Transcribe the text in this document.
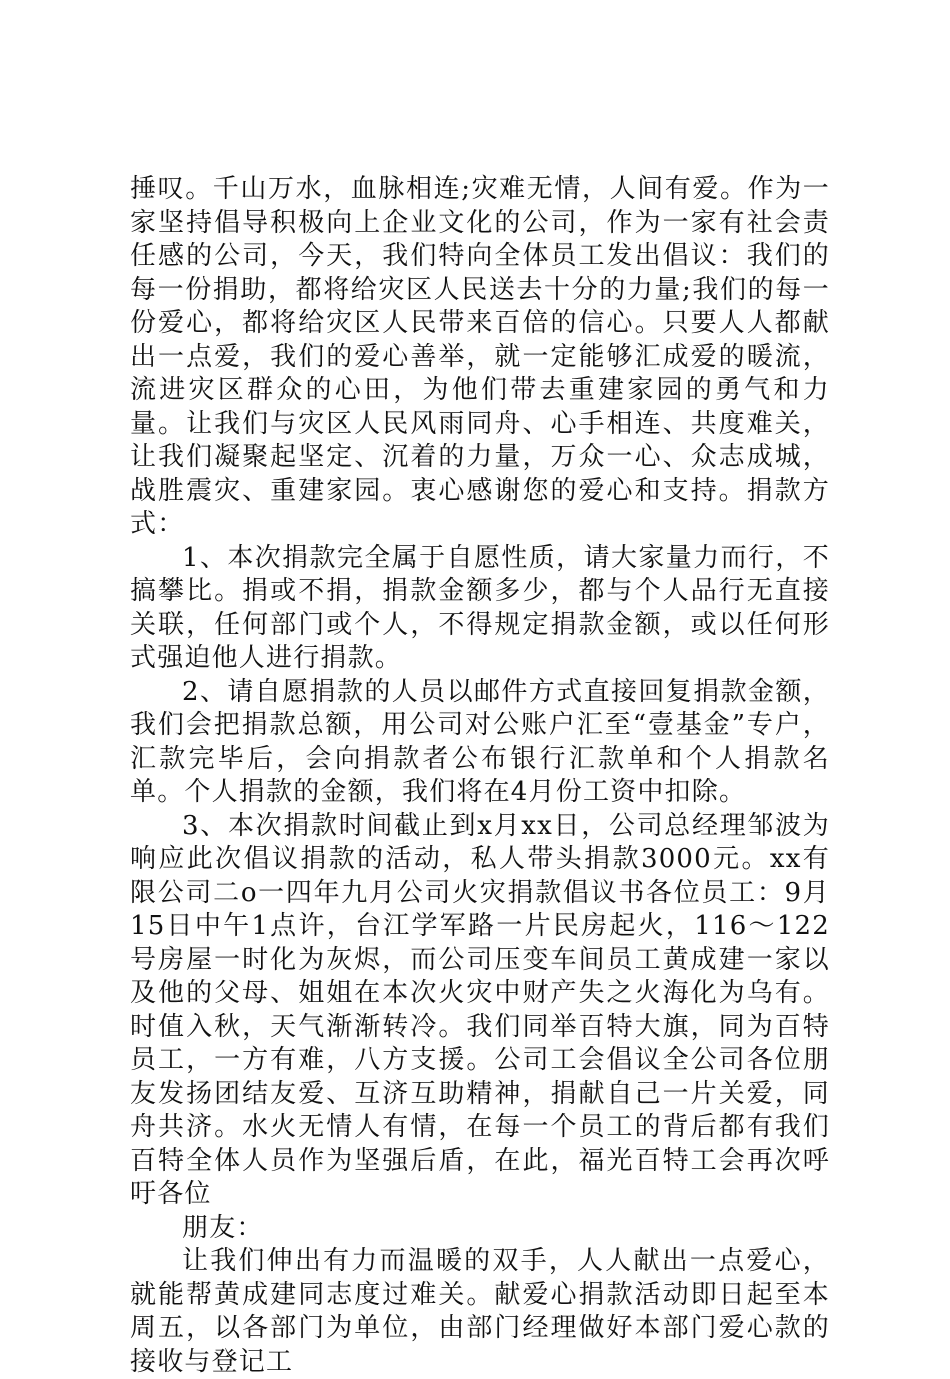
捶叹。千山万水，血脉相连;灾难无情，人间有爱。作为一家坚持倡导积极向上企业文化的公司，作为一家有社会责任感的公司，今天，我们特向全体员工发出倡议：我们的每一份捐助，都将给灾区人民送去十分的力量;我们的每一份爱心，都将给灾区人民带来百倍的信心。只要人人都献出一点爱，我们的爱心善举，就一定能够汇成爱的暖流，流进灾区群众的心田，为他们带去重建家园的勇气和力量。让我们与灾区人民风雨同舟、心手相连、共度难关，让我们凝聚起坚定、沉着的力量，万众一心、众志成城，战胜震灾、重建家园。衷心感谢您的爱心和支持。捐款方式：

1、本次捐款完全属于自愿性质，请大家量力而行，不搞攀比。捐或不捐，捐款金额多少，都与个人品行无直接关联，任何部门或个人，不得规定捐款金额，或以任何形式强迫他人进行捐款。

2、请自愿捐款的人员以邮件方式直接回复捐款金额，我们会把捐款总额，用公司对公账户汇至“壹基金”专户，汇款完毕后，会向捐款者公布银行汇款单和个人捐款名单。个人捐款的金额，我们将在4月份工资中扣除。

3、本次捐款时间截止到x月xx日，公司总经理邹波为响应此次倡议捐款的活动，私人带头捐款3000元。xx有限公司二o一四年九月公司火灾捐款倡议书各位员工：9月15日中午1点许，台江学军路一片民房起火，116～122号房屋一时化为灰烬，而公司压变车间员工黄成建一家以及他的父母、姐姐在本次火灾中财产失之火海化为乌有。时值入秋，天气渐渐转冷。我们同举百特大旗，同为百特员工，一方有难，八方支援。公司工会倡议全公司各位朋友发扬团结友爱、互济互助精神，捐献自己一片关爱，同舟共济。水火无情人有情，在每一个员工的背后都有我们百特全体人员作为坚强后盾，在此，福光百特工会再次呼吁各位

朋友：

让我们伸出有力而温暖的双手，人人献出一点爱心，就能帮黄成建同志度过难关。献爱心捐款活动即日起至本周五，以各部门为单位，由部门经理做好本部门爱心款的接收与登记工
